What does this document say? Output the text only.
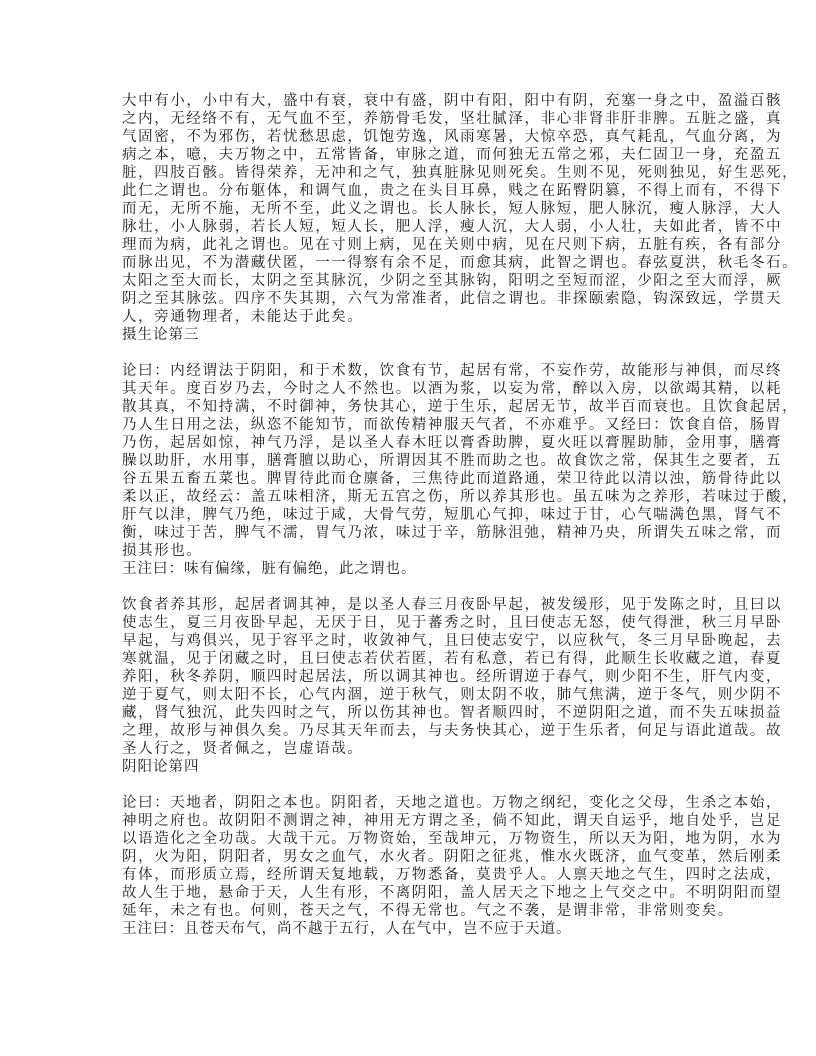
大中有小，小中有大，盛中有衰，衰中有盛，阴中有阳，阳中有阴，充塞一身之中，盈溢百骸
之内，无经络不有，无气血不至，养筋骨毛发，坚壮腻泽，非心非肾非肝非脾。五脏之盛，真
气固密，不为邪伤，若忧愁思虑，饥饱劳逸，风雨寒暑，大惊卒恐，真气耗乱，气血分离，为
病之本，噫，夫万物之中，五常皆备，审脉之道，而何独无五常之邪，夫仁固卫一身，充盈五
脏，四肢百骸。皆得荣养，无冲和之气，独真脏脉见则死矣。生则不见，死则独见，好生恶死，
此仁之谓也。分布躯体，和调气血，贵之在头目耳鼻，贱之在跖臀阴篡，不得上而有，不得下
而无，无所不施，无所不至，此义之谓也。长人脉长，短人脉短，肥人脉沉，瘦人脉浮，大人
脉壮，小人脉弱，若长人短，短人长，肥人浮，瘦人沉，大人弱，小人壮，夫如此者，皆不中
理而为病，此礼之谓也。见在寸则上病，见在关则中病，见在尺则下病，五脏有疾，各有部分
而脉出见，不为潜藏伏匿，一一得察有余不足，而愈其病，此智之谓也。春弦夏洪，秋毛冬石。
太阳之至大而长，太阴之至其脉沉，少阴之至其脉钩，阳明之至短而涩，少阳之至大而浮，厥
阴之至其脉弦。四序不失其期，六气为常准者，此信之谓也。非探颐索隐，钩深致远，学贯天
人，旁通物理者，未能达于此矣。
摄生论第三
论曰：内经谓法于阴阳，和于术数，饮食有节，起居有常，不妄作劳，故能形与神俱，而尽终
其天年。度百岁乃去，今时之人不然也。以酒为浆，以妄为常，醉以入房，以欲竭其精，以耗
散其真，不知持满，不时御神，务快其心，逆于生乐，起居无节，故半百而衰也。且饮食起居，
乃人生日用之法，纵恣不能知节，而欲传精神服天气者，不亦难乎。又经曰：饮食自倍，肠胃
乃伤，起居如惊，神气乃浮，是以圣人春木旺以膏香助脾，夏火旺以膏腥助肺，金用事，膳膏
臊以助肝，水用事，膳膏膻以助心，所谓因其不胜而助之也。故食饮之常，保其生之要者，五
谷五果五畜五菜也。脾胃待此而仓廪备，三焦待此而道路通，荣卫待此以清以浊，筋骨待此以
柔以正，故经云：盖五味相济，斯无五宫之伤，所以养其形也。虽五味为之养形，若味过于酸，
肝气以津，脾气乃绝，味过于咸，大骨气劳，短肌心气抑，味过于甘，心气喘满色黑，肾气不
衡，味过于苦，脾气不濡，胃气乃浓，味过于辛，筋脉沮弛，精神乃央，所谓失五味之常，而
损其形也。
王注曰：味有偏缘，脏有偏绝，此之谓也。
饮食者养其形，起居者调其神，是以圣人春三月夜卧早起，被发缓形，见于发陈之时，且曰以
使志生，夏三月夜卧早起，无厌于日，见于蕃秀之时，且曰使志无怒，使气得泄，秋三月早卧
早起，与鸡俱兴，见于容平之时，收敛神气，且曰使志安宁，以应秋气，冬三月早卧晚起，去
寒就温，见于闭藏之时，且曰使志若伏若匿，若有私意，若已有得，此顺生长收藏之道，春夏
养阳，秋冬养阴，顺四时起居法，所以调其神也。经所谓逆于春气，则少阳不生，肝气内变，
逆于夏气，则太阳不长，心气内涸，逆于秋气，则太阴不收，肺气焦满，逆于冬气，则少阴不
藏，肾气独沉，此失四时之气，所以伤其神也。智者顺四时，不逆阴阳之道，而不失五味损益
之理，故形与神俱久矣。乃尽其天年而去，与夫务快其心，逆于生乐者，何足与语此道哉。故
圣人行之，贤者佩之，岂虚语哉。
阴阳论第四
论曰：天地者，阴阳之本也。阴阳者，天地之道也。万物之纲纪，变化之父母，生杀之本始，
神明之府也。故阴阳不测谓之神，神用无方谓之圣，倘不知此，谓天自运乎，地自处乎，岂足
以语造化之全功哉。大哉干元。万物资始，至哉坤元，万物资生，所以天为阳，地为阴，水为
阴，火为阳，阴阳者，男女之血气，水火者。阴阳之征兆，惟水火既济，血气变革，然后刚柔
有体，而形质立焉，经所谓天复地载，万物悉备，莫贵乎人。人禀天地之气生，四时之法成，
故人生于地，悬命于天，人生有形，不离阴阳，盖人居天之下地之上气交之中。不明阴阳而望
延年，未之有也。何则，苍天之气，不得无常也。气之不袭，是谓非常，非常则变矣。
王注曰：且苍天布气，尚不越于五行，人在气中，岂不应于天道。
